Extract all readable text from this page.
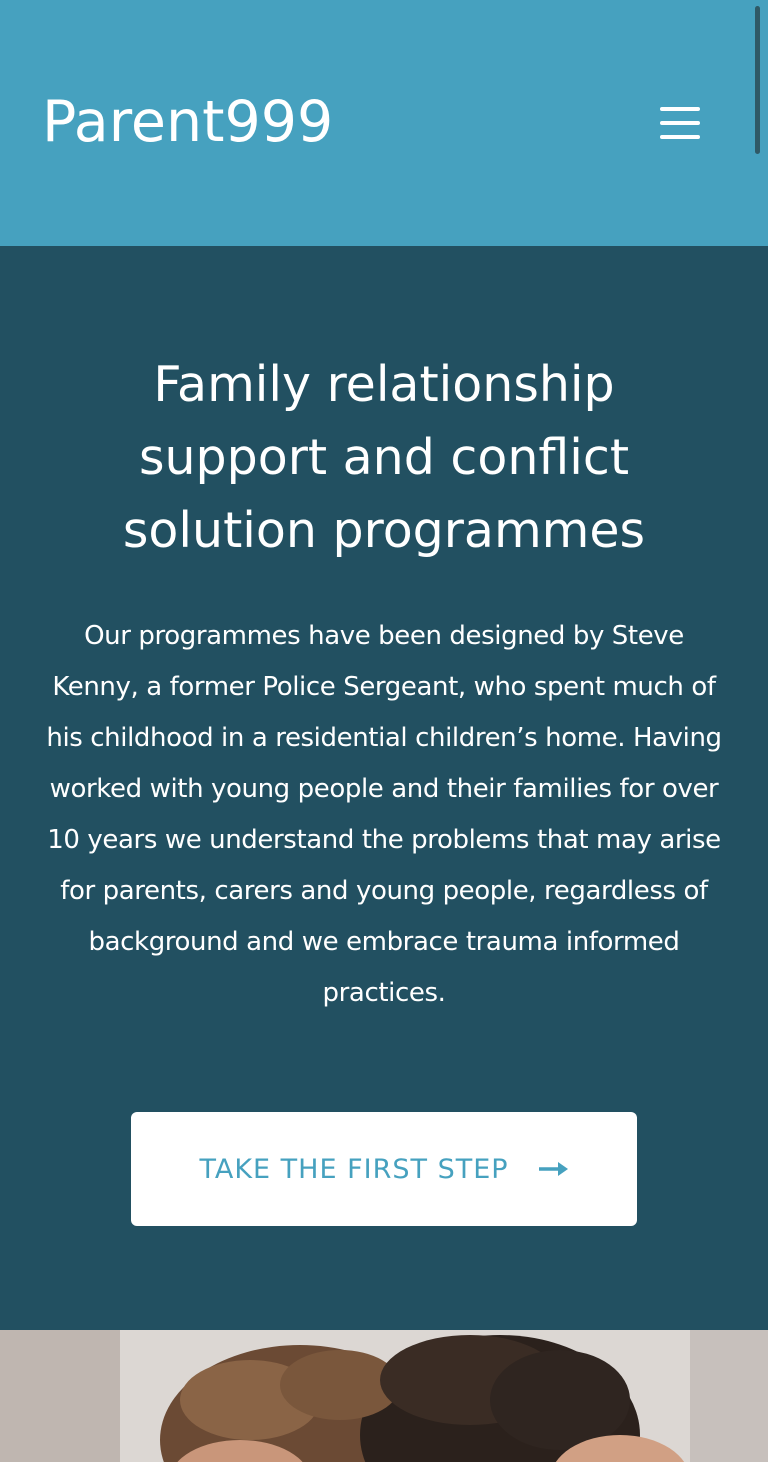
Parent999
Family relationship support and conflict solution programmes

Our programmes have been designed by Steve Kenny, a former Police Sergeant, who spent much of his childhood in a residential children’s home. Having worked with young people and their families for over 10 years we understand the problems that may arise for parents, carers and young people, regardless of background and we embrace trauma informed practices.

TAKE THE FIRST STEP
